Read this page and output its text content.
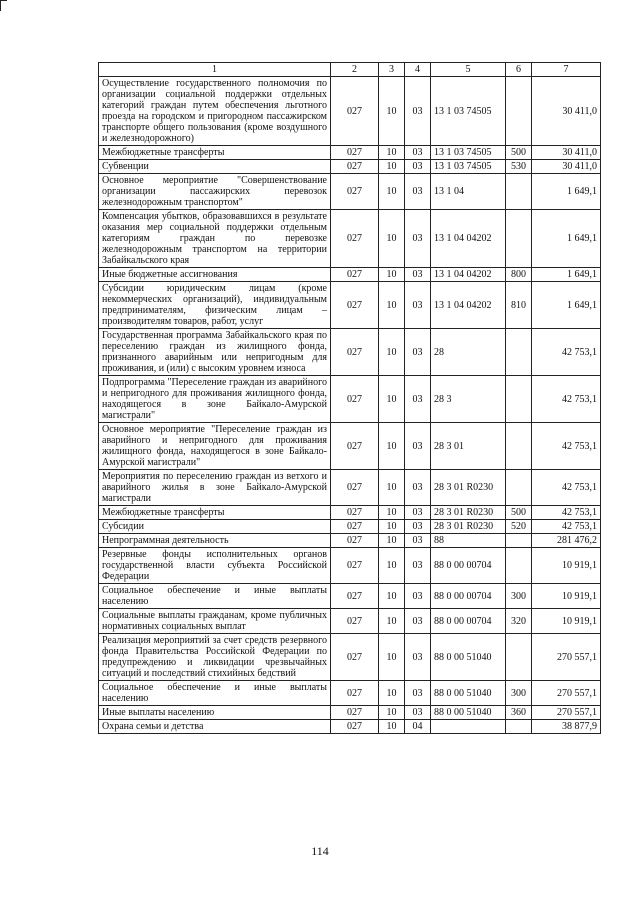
1	2	3	4	5	6	7
Осуществление государственного полномочия по организации социальной поддержки отдельных категорий граждан путем обеспечения льготного проезда на городском и пригородном пассажирском транспорте общего пользования (кроме воздушного и железнодорожного)	027	10	03	13 1 03 74505		30 411,0
Межбюджетные трансферты	027	10	03	13 1 03 74505	500	30 411,0
Субвенции	027	10	03	13 1 03 74505	530	30 411,0
Основное мероприятие "Совершенствование организации пассажирских перевозок железнодорожным транспортом"	027	10	03	13 1 04		1 649,1
Компенсация убытков, образовавшихся в результате оказания мер социальной поддержки отдельным категориям граждан по перевозке железнодорожным транспортом на территории Забайкальского края	027	10	03	13 1 04 04202		1 649,1
Иные бюджетные ассигнования	027	10	03	13 1 04 04202	800	1 649,1
Субсидии юридическим лицам (кроме некоммерческих организаций), индивидуальным предпринимателям, физическим лицам – производителям товаров, работ, услуг	027	10	03	13 1 04 04202	810	1 649,1
Государственная программа Забайкальского края по переселению граждан из жилищного фонда, признанного аварийным или непригодным для проживания, и (или) с высоким уровнем износа	027	10	03	28		42 753,1
Подпрограмма "Переселение граждан из аварийного и непригодного для проживания жилищного фонда, находящегося в зоне Байкало-Амурской магистрали"	027	10	03	28 3		42 753,1
Основное мероприятие "Переселение граждан из аварийного и непригодного для проживания жилищного фонда, находящегося в зоне Байкало-Амурской магистрали"	027	10	03	28 3 01		42 753,1
Мероприятия по переселению граждан из ветхого и аварийного жилья в зоне Байкало-Амурской магистрали	027	10	03	28 3 01 R0230		42 753,1
Межбюджетные трансферты	027	10	03	28 3 01 R0230	500	42 753,1
Субсидии	027	10	03	28 3 01 R0230	520	42 753,1
Непрограммная деятельность	027	10	03	88		281 476,2
Резервные фонды исполнительных органов государственной власти субъекта Российской Федерации	027	10	03	88 0 00 00704		10 919,1
Социальное обеспечение и иные выплаты населению	027	10	03	88 0 00 00704	300	10 919,1
Социальные выплаты гражданам, кроме публичных нормативных социальных выплат	027	10	03	88 0 00 00704	320	10 919,1
Реализация мероприятий за счет средств резервного фонда Правительства Российской Федерации по предупреждению и ликвидации чрезвычайных ситуаций и последствий стихийных бедствий	027	10	03	88 0 00 51040		270 557,1
Социальное обеспечение и иные выплаты населению	027	10	03	88 0 00 51040	300	270 557,1
Иные выплаты населению	027	10	03	88 0 00 51040	360	270 557,1
Охрана семьи и детства	027	10	04			38 877,9
114
